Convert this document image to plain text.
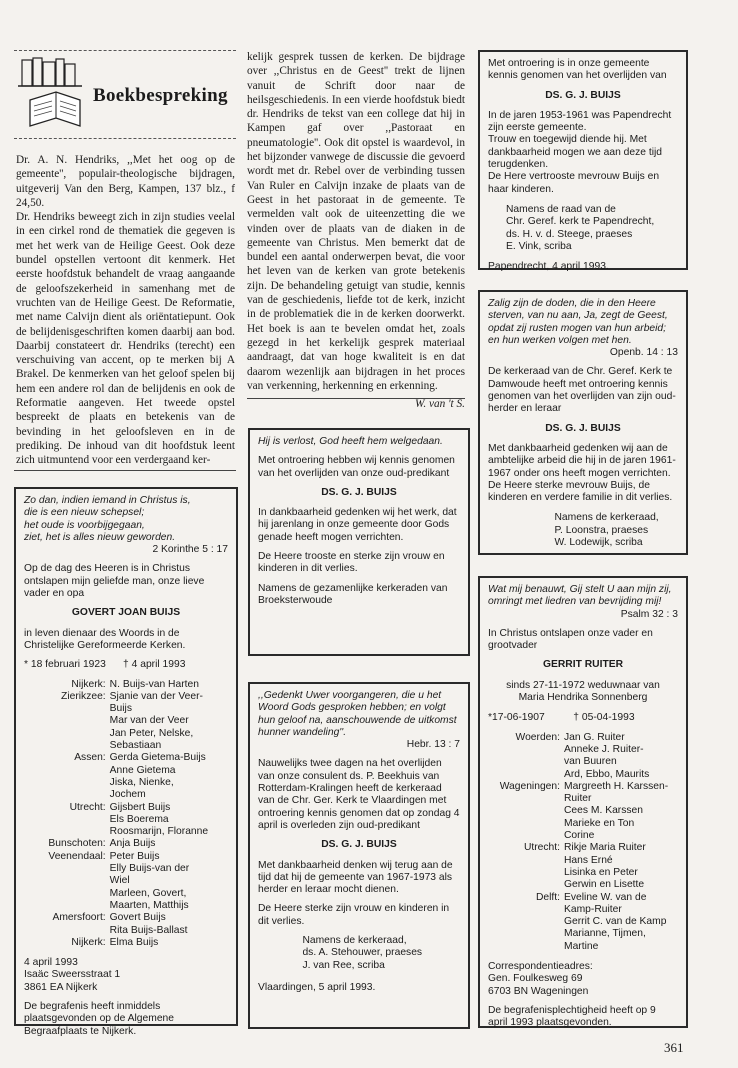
Boekbespreking

Dr. A. N. Hendriks, ,,Met het oog op de gemeente'', populair-theologische bijdragen, uitgeverij Van den Berg, Kampen, 137 blz., f 24,50.

Dr. Hendriks beweegt zich in zijn studies veelal in een cirkel rond de thematiek die gegeven is met het werk van de Heilige Geest. Ook deze bundel opstellen vertoont dit kenmerk. Het eerste hoofdstuk behandelt de vraag aangaande de geloofszekerheid in samenhang met de vruchten van de Heilige Geest. De Reformatie, met name Calvijn dient als oriëntatiepunt. Ook de belijdenisgeschriften komen daarbij aan bod. Daarbij constateert dr. Hendriks (terecht) een verschuiving van accent, op te merken bij A Brakel. De kenmerken van het geloof spelen bij hem een andere rol dan de belijdenis en ook de Reformatie aangeven. Het tweede opstel bespreekt de plaats en betekenis van de bevinding in het geloofsleven en in de prediking. De inhoud van dit hoofdstuk leent zich uitmuntend voor een verdergaand ker-

kelijk gesprek tussen de kerken. De bijdrage over ,,Christus en de Geest'' trekt de lijnen vanuit de Schrift door naar de heilsgeschiedenis. In een vierde hoofdstuk biedt dr. Hendriks de tekst van een college dat hij in Kampen gaf over ,,Pastoraat en pneumatologie''. Ook dit opstel is waardevol, in het bijzonder vanwege de discussie die gevoerd wordt met dr. Rebel over de verbinding tussen Van Ruler en Calvijn inzake de plaats van de Geest in het pastoraat in de gemeente. Te vermelden valt ook de uiteenzetting die we vinden over de plaats van de diaken in de gemeente van Christus. Men bemerkt dat de bundel een aantal onderwerpen bevat, die voor het leven van de kerken van grote betekenis zijn. De behandeling getuigt van studie, kennis van de geschiedenis, liefde tot de kerk, inzicht in de problematiek die in de kerken doorwerkt. Het boek is aan te bevelen omdat het, zoals gezegd in het kerkelijk gesprek materiaal aandraagt, dat van hoge kwaliteit is en dat daarom wezenlijk aan bijdragen in het proces van verkenning, herkenning en erkenning.

W. van 't S.

Zo dan, indien iemand in Christus is,
die is een nieuw schepsel;
het oude is voorbijgegaan,
ziet, het is alles nieuw geworden.

2 Korinthe 5 : 17

Op de dag des Heeren is in Christus ontslapen mijn geliefde man, onze lieve vader en opa

GOVERT JOAN BUIJS

in leven dienaar des Woords in de Christelijke Gereformeerde Kerken.

* 18 februari 1923 † 4 april 1993

Nijkerk: N. Buijs-van Harten
Zierikzee: Sjanie van der Veer-
Buijs
Mar van der Veer
Jan Peter, Nelske,
Sebastiaan
Assen: Gerda Gietema-Buijs
Anne Gietema
Jiska, Nienke,
Jochem
Utrecht: Gijsbert Buijs
Els Boerema
Roosmarijn, Floranne
Bunschoten: Anja Buijs
Veenendaal: Peter Buijs
Elly Buijs-van der
Wiel
Marleen, Govert,
Maarten, Matthijs
Amersfoort: Govert Buijs
Rita Buijs-Ballast
Nijkerk: Elma Buijs
4 april 1993
Isaäc Sweersstraat 1
3861 EA Nijkerk

De begrafenis heeft inmiddels plaatsgevonden op de Algemene Begraafplaats te Nijkerk.

Hij is verlost, God heeft hem welgedaan.

Met ontroering hebben wij kennis genomen van het overlijden van onze oud-predikant

DS. G. J. BUIJS

In dankbaarheid gedenken wij het werk, dat hij jarenlang in onze gemeente door Gods genade heeft mogen verrichten.

De Heere trooste en sterke zijn vrouw en kinderen in dit verlies.

Namens de gezamenlijke kerkeraden van Broeksterwoude

,,Gedenkt Uwer voorgangeren, die u het Woord Gods gesproken hebben; en volgt hun geloof na, aanschouwende de uitkomst hunner wandeling''.

Hebr. 13 : 7

Nauwelijks twee dagen na het overlijden van onze consulent ds. P. Beekhuis van Rotterdam-Kralingen heeft de kerkeraad van de Chr. Ger. Kerk te Vlaardingen met ontroering kennis genomen dat op zondag 4 april is overleden zijn oud-predikant

DS. G. J. BUIJS

Met dankbaarheid denken wij terug aan de tijd dat hij de gemeente van 1967-1973 als herder en leraar mocht dienen.

De Heere sterke zijn vrouw en kinderen in dit verlies.

Namens de kerkeraad,
ds. A. Stehouwer, praeses
J. van Ree, scriba

Vlaardingen, 5 april 1993.

Met ontroering is in onze gemeente kennis genomen van het overlijden van

DS. G. J. BUIJS

In de jaren 1953-1961 was Papendrecht zijn eerste gemeente.
Trouw en toegewijd diende hij. Met dankbaarheid mogen we aan deze tijd terugdenken.
De Here vertrooste mevrouw Buijs en haar kinderen.
Namens de raad van de
Chr. Geref. kerk te Papendrecht,
ds. H. v. d. Steege, praeses
E. Vink, scriba

Papendrecht, 4 april 1993.

Zalig zijn de doden, die in den Heere sterven, van nu aan, Ja, zegt de Geest, opdat zij rusten mogen van hun arbeid; en hun werken volgen met hen.

Openb. 14 : 13

De kerkeraad van de Chr. Geref. Kerk te Damwoude heeft met ontroering kennis genomen van het overlijden van zijn oud-herder en leraar

DS. G. J. BUIJS

Met dankbaarheid gedenken wij aan de ambtelijke arbeid die hij in de jaren 1961-1967 onder ons heeft mogen verrichten.
De Heere sterke mevrouw Buijs, de kinderen en verdere familie in dit verlies.
Namens de kerkeraad,
P. Loonstra, praeses
W. Lodewijk, scriba

Wat mij benauwt, Gij stelt U aan mijn zij, omringt met liedren van bevrijding mij!

Psalm 32 : 3

In Christus ontslapen onze vader en grootvader

GERRIT RUITER

sinds 27-11-1972 weduwnaar van
Maria Hendrika Sonnenberg

*17-06-1907	† 05-04-1993

Woerden: Jan G. Ruiter
Anneke J. Ruiter-
van Buuren
Ard, Ebbo, Maurits
Wageningen: Margreeth H. Karssen-
Ruiter
Cees M. Karssen
Marieke en Ton
Corine
Utrecht: Rikje Maria Ruiter
Hans Erné
Lisinka en Peter
Gerwin en Lisette
Delft: Eveline W. van de
Kamp-Ruiter
Gerrit C. van de Kamp
Marianne, Tijmen,
Martine
Correspondentieadres:
Gen. Foulkesweg 69
6703 BN Wageningen

De begrafenisplechtigheid heeft op 9 april 1993 plaatsgevonden.

361
